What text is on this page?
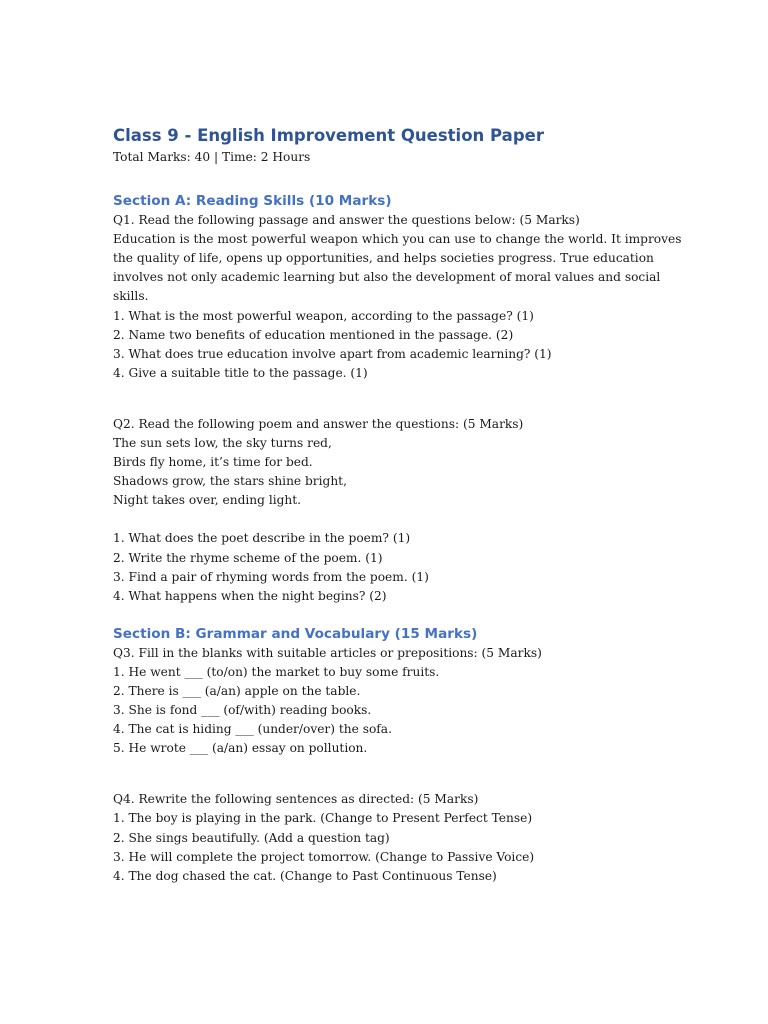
Class 9 - English Improvement Question Paper

Total Marks: 40 | Time: 2 Hours

Section A: Reading Skills (10 Marks)

Q1. Read the following passage and answer the questions below: (5 Marks)

Education is the most powerful weapon which you can use to change the world. It improves

the quality of life, opens up opportunities, and helps societies progress. True education

involves not only academic learning but also the development of moral values and social

skills.

1. What is the most powerful weapon, according to the passage? (1)
2. Name two benefits of education mentioned in the passage. (2)
3. What does true education involve apart from academic learning? (1)
4. Give a suitable title to the passage. (1)

Q2. Read the following poem and answer the questions: (5 Marks)

The sun sets low, the sky turns red,

Birds fly home, it’s time for bed.

Shadows grow, the stars shine bright,

Night takes over, ending light.

1. What does the poet describe in the poem? (1)
2. Write the rhyme scheme of the poem. (1)
3. Find a pair of rhyming words from the poem. (1)
4. What happens when the night begins? (2)
Section B: Grammar and Vocabulary (15 Marks)

Q3. Fill in the blanks with suitable articles or prepositions: (5 Marks)

1. He went ___ (to/on) the market to buy some fruits.
2. There is ___ (a/an) apple on the table.
3. She is fond ___ (of/with) reading books.
4. The cat is hiding ___ (under/over) the sofa.
5. He wrote ___ (a/an) essay on pollution.

Q4. Rewrite the following sentences as directed: (5 Marks)

1. The boy is playing in the park. (Change to Present Perfect Tense)
2. She sings beautifully. (Add a question tag)
3. He will complete the project tomorrow. (Change to Passive Voice)
4. The dog chased the cat. (Change to Past Continuous Tense)
